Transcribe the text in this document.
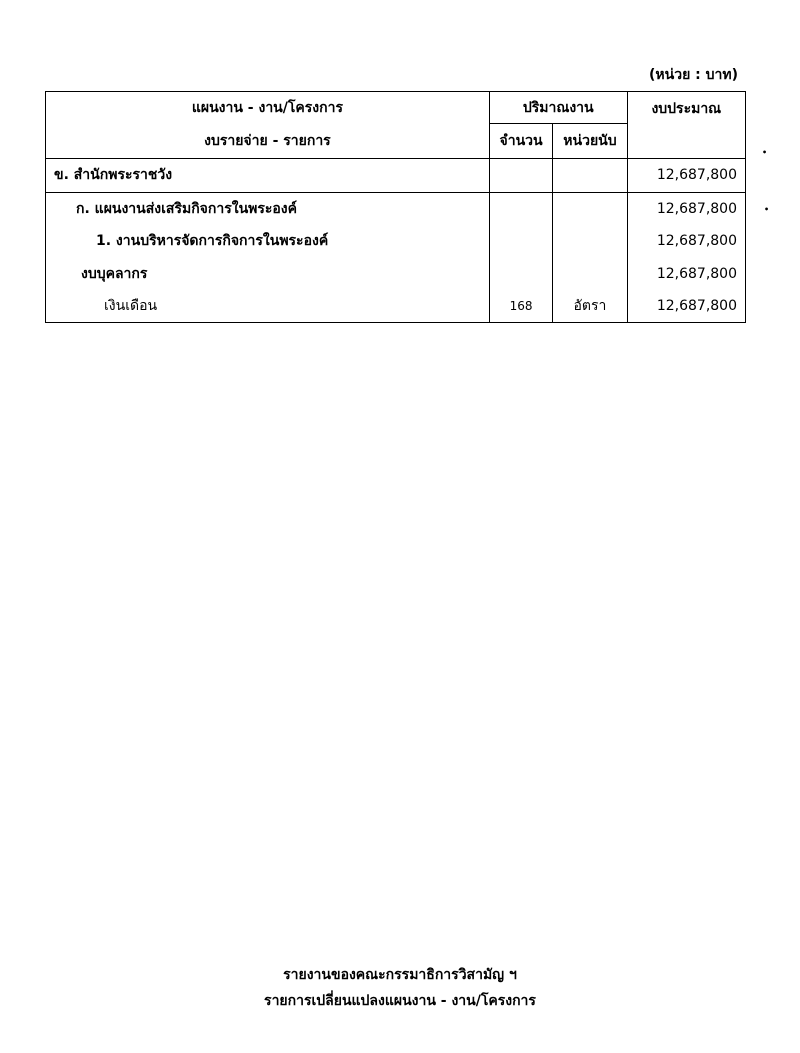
(หน่วย : บาท)
แผนงาน - งาน/โครงการ	ปริมาณงาน		งบประมาณ
งบรายจ่าย - รายการ	จำนวน	หน่วยนับ	
ข. สำนักพระราชวัง			12,687,800
ก. แผนงานส่งเสริมกิจการในพระองค์			12,687,800
1. งานบริหารจัดการกิจการในพระองค์			12,687,800
งบบุคลากร			12,687,800
เงินเดือน	168	อัตรา	12,687,800
•
•
รายงานของคณะกรรมาธิการวิสามัญ ฯ
รายการเปลี่ยนแปลงแผนงาน - งาน/โครงการ
